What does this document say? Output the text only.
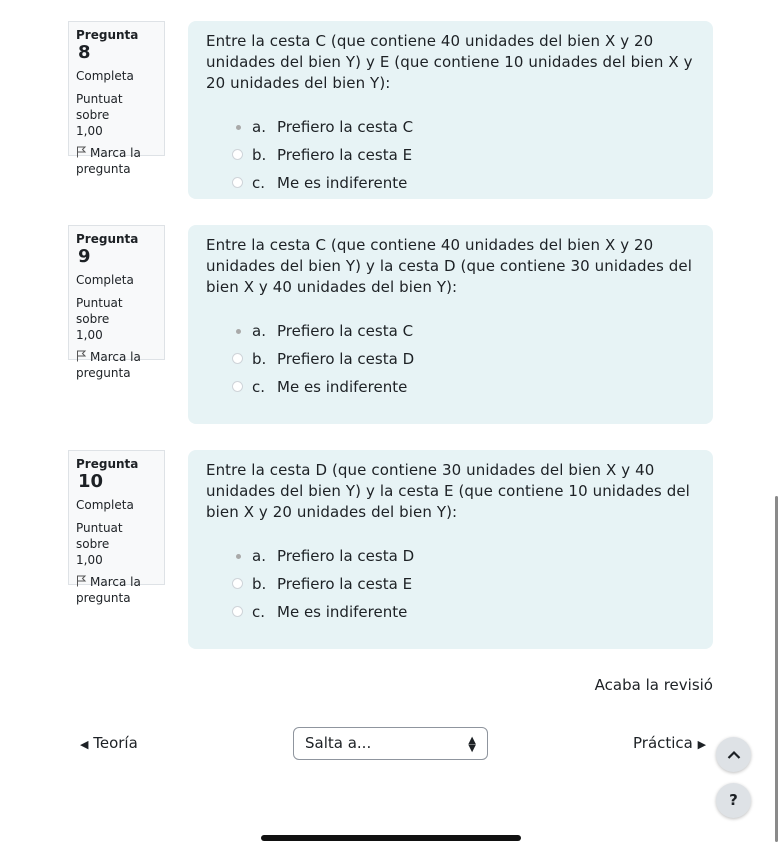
Pregunta 8
Completa
Puntuat sobre
1,00
Marca la
pregunta
Entre la cesta C (que contiene 40 unidades del bien X y 20 unidades del bien Y) y E (que contiene 10 unidades del bien X y 20 unidades del bien Y):
a. Prefiero la cesta C
b. Prefiero la cesta E
c. Me es indiferente
Pregunta 9
Completa
Puntuat sobre
1,00
Marca la
pregunta
Entre la cesta C (que contiene 40 unidades del bien X y 20 unidades del bien Y) y la cesta D (que contiene 30 unidades del bien X y 40 unidades del bien Y):
a. Prefiero la cesta C
b. Prefiero la cesta D
c. Me es indiferente
Pregunta 10
Completa
Puntuat sobre
1,00
Marca la
pregunta
Entre la cesta D (que contiene 30 unidades del bien X y 40 unidades del bien Y) y la cesta E (que contiene 10 unidades del bien X y 20 unidades del bien Y):
a. Prefiero la cesta D
b. Prefiero la cesta E
c. Me es indiferente
Acaba la revisió
◀ Teoría	Salta a...	▲
▼	Práctica ▶
?
